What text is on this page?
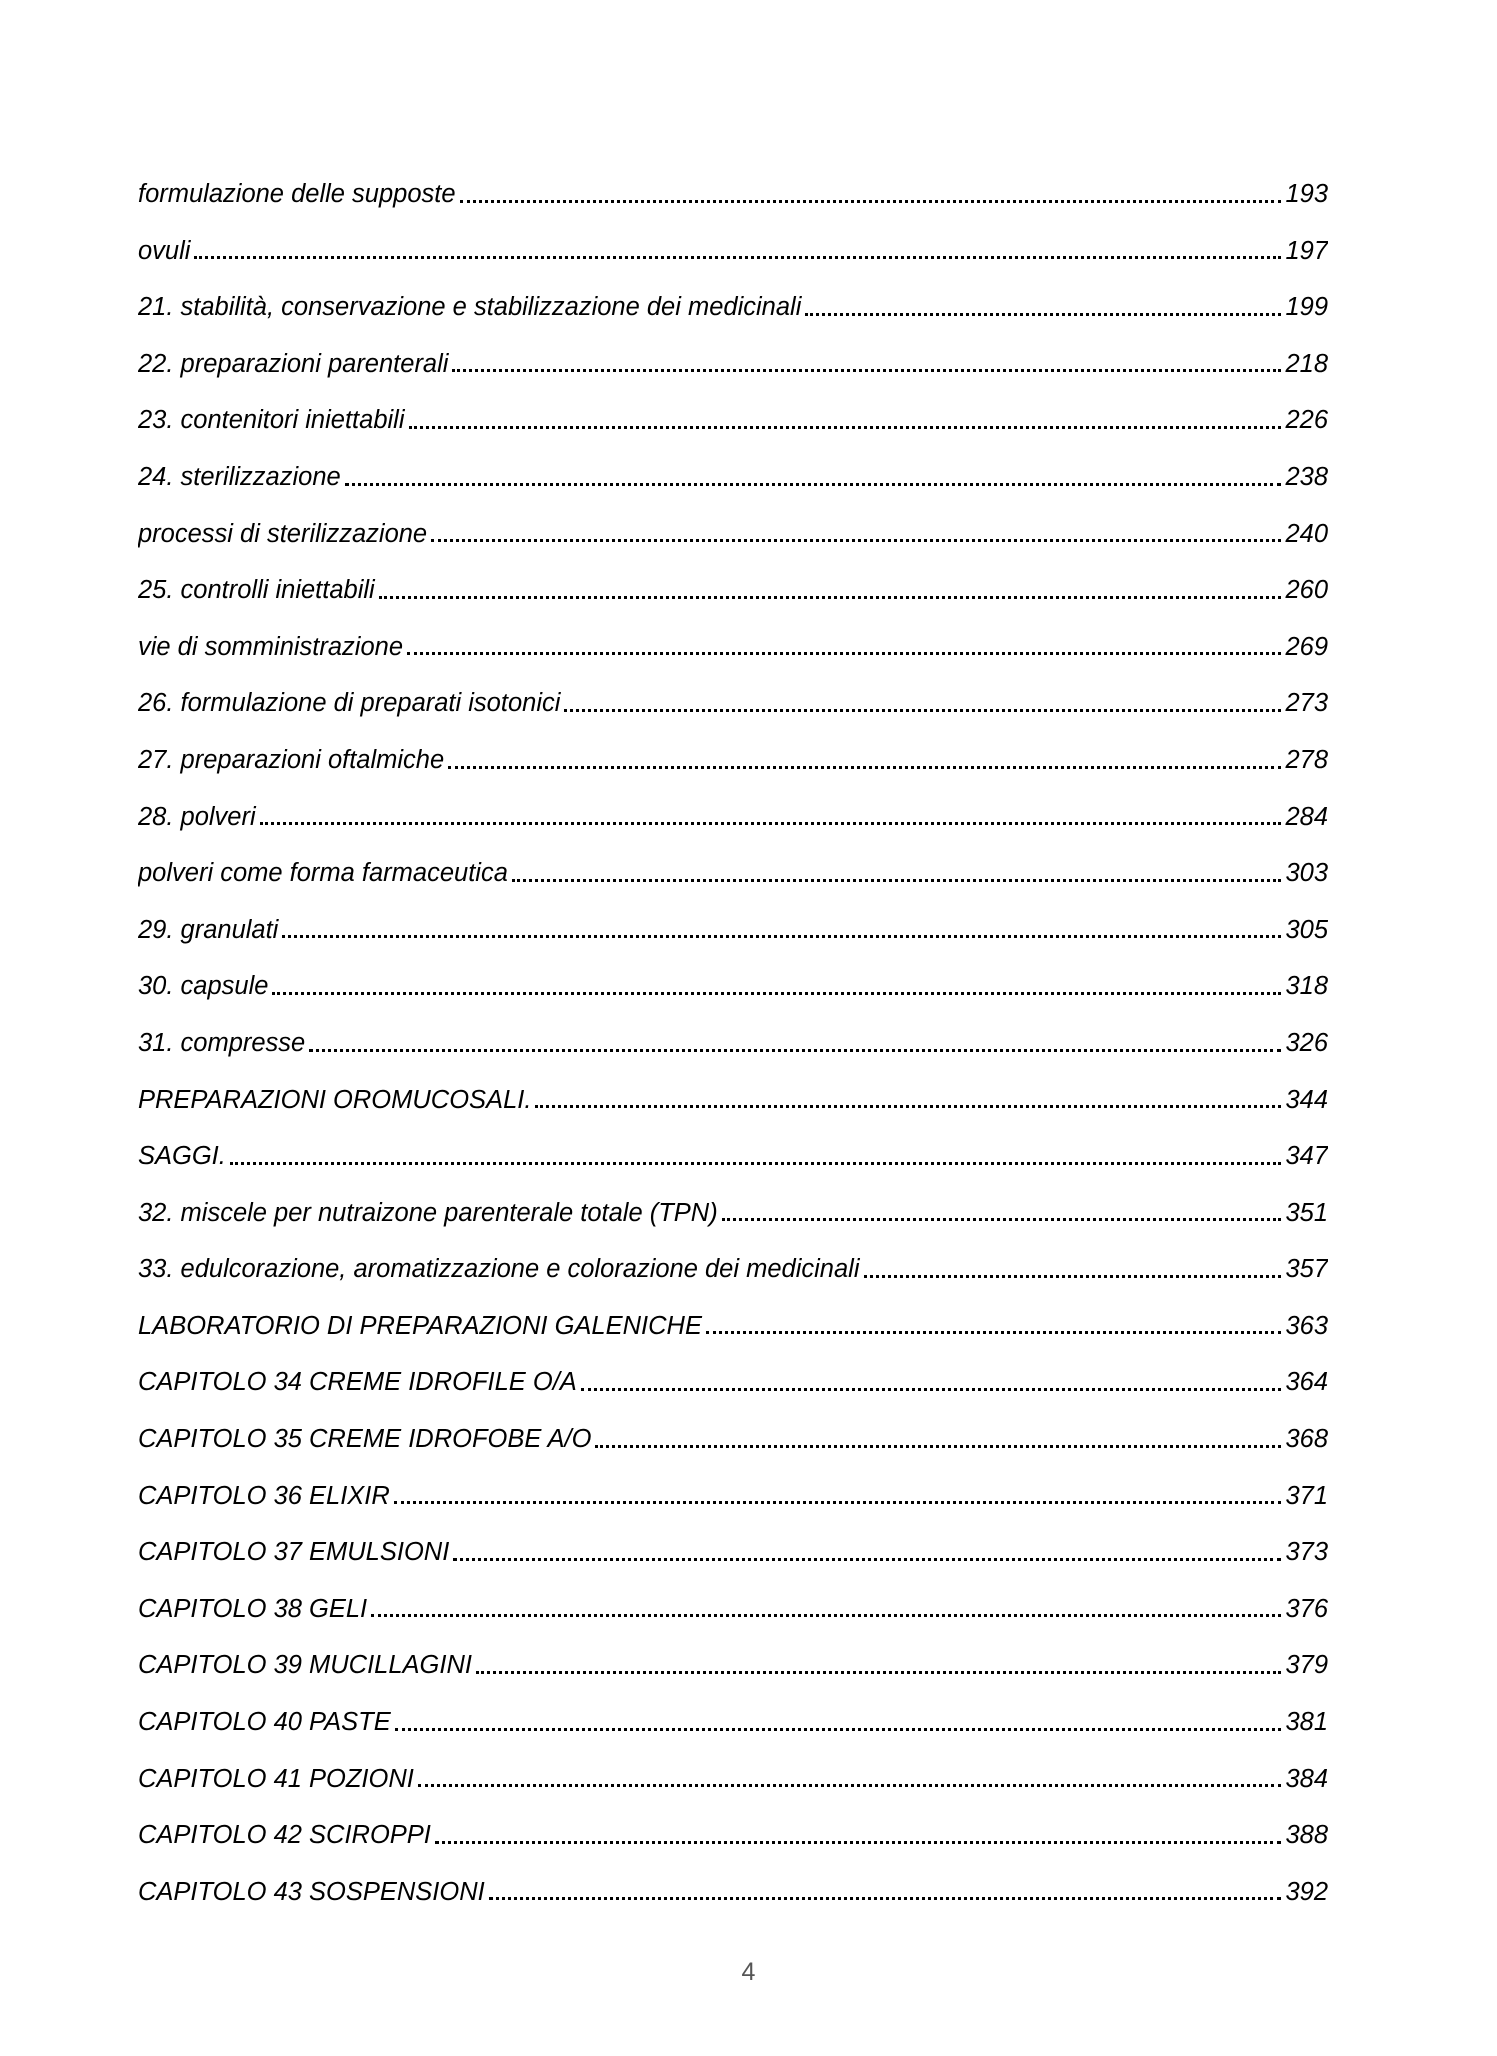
formulazione delle supposte	193
ovuli	197
21. stabilità, conservazione e stabilizzazione dei medicinali	199
22. preparazioni parenterali	218
23. contenitori iniettabili	226
24. sterilizzazione	238
processi di sterilizzazione	240
25. controlli iniettabili	260
vie di somministrazione	269
26. formulazione di preparati isotonici	273
27. preparazioni oftalmiche	278
28. polveri	284
polveri come forma farmaceutica	303
29. granulati	305
30. capsule	318
31. compresse	326
PREPARAZIONI OROMUCOSALI.	344
SAGGI.	347
32. miscele per nutraizone parenterale totale (TPN)	351
33. edulcorazione, aromatizzazione e colorazione dei medicinali	357
LABORATORIO DI PREPARAZIONI GALENICHE	363
CAPITOLO 34 CREME IDROFILE O/A	364
CAPITOLO 35 CREME IDROFOBE A/O	368
CAPITOLO 36 ELIXIR	371
CAPITOLO 37 EMULSIONI	373
CAPITOLO 38 GELI	376
CAPITOLO 39 MUCILLAGINI	379
CAPITOLO 40 PASTE	381
CAPITOLO 41 POZIONI	384
CAPITOLO 42 SCIROPPI	388
CAPITOLO 43 SOSPENSIONI	392
4
